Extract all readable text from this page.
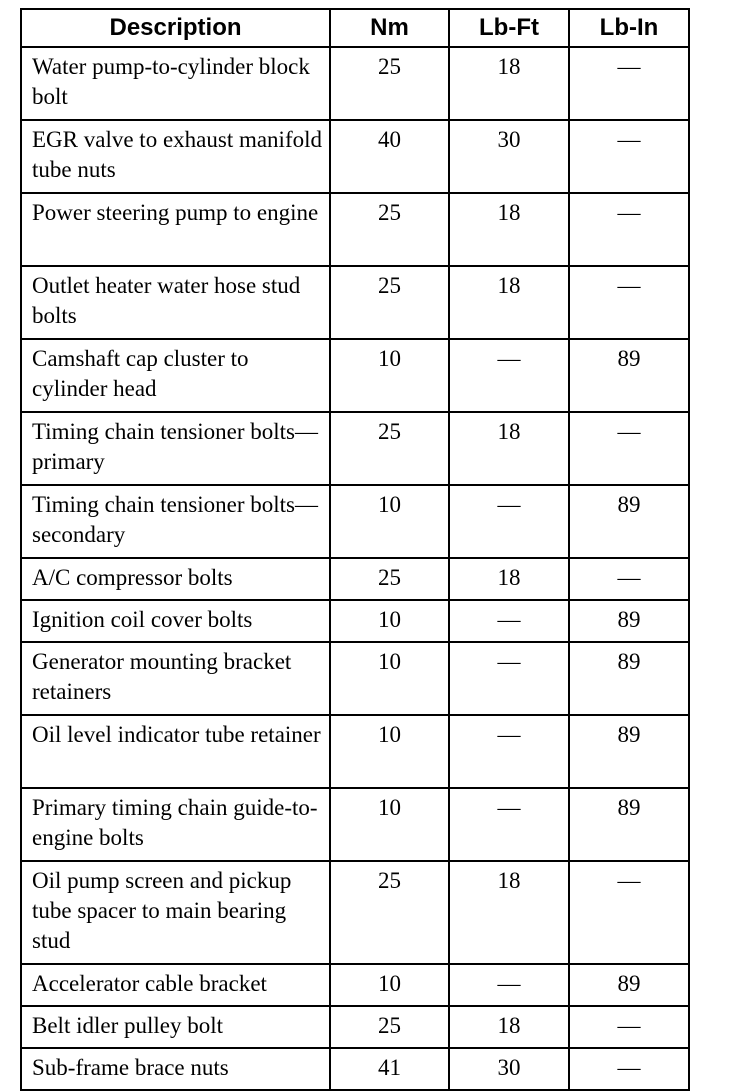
Description	Nm	Lb-Ft	Lb-In
Water pump-to-cylinder block bolt	25	18	—
EGR valve to exhaust manifold tube nuts	40	30	—
Power steering pump to engine	25	18	—
Outlet heater water hose stud bolts	25	18	—
Camshaft cap cluster to cylinder head	10	—	89
Timing chain tensioner bolts—primary	25	18	—
Timing chain tensioner bolts—secondary	10	—	89
A/C compressor bolts	25	18	—
Ignition coil cover bolts	10	—	89
Generator mounting bracket retainers	10	—	89
Oil level indicator tube retainer	10	—	89
Primary timing chain guide-to-engine bolts	10	—	89
Oil pump screen and pickup tube spacer to main bearing stud	25	18	—
Accelerator cable bracket	10	—	89
Belt idler pulley bolt	25	18	—
Sub-frame brace nuts	41	30	—
